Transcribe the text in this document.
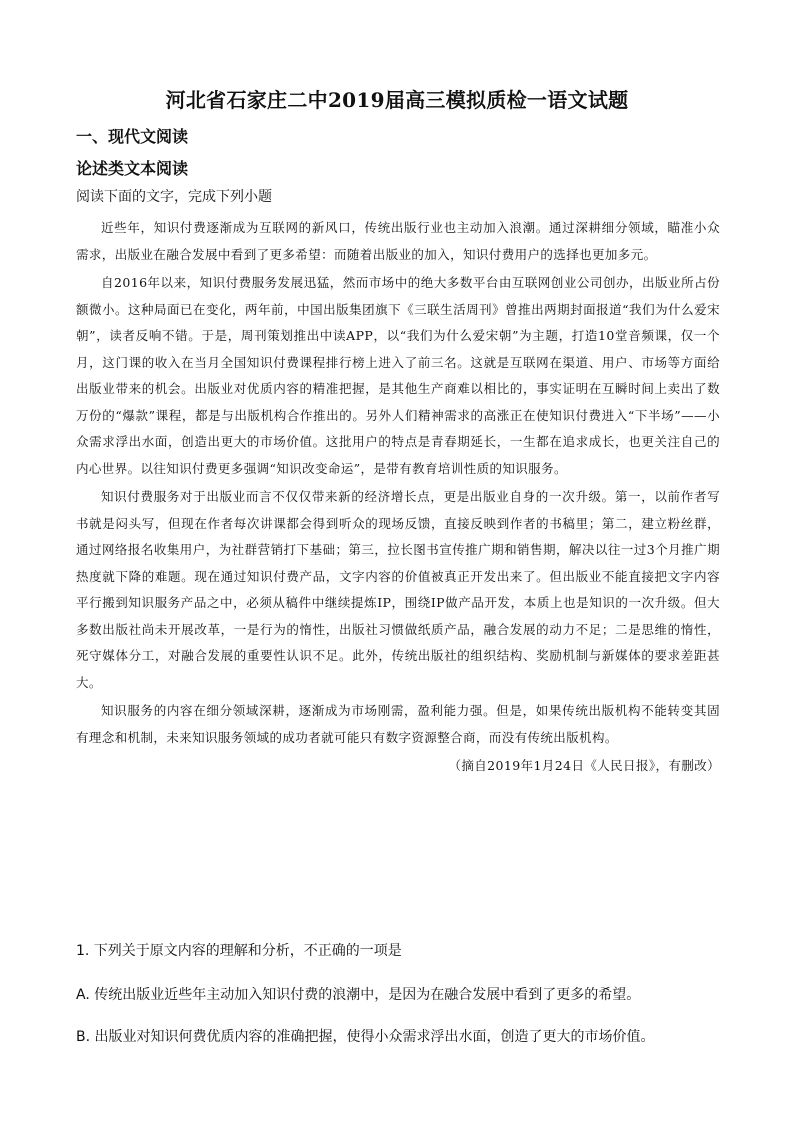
河北省石家庄二中2019届高三模拟质检一语文试题
一、现代文阅读
论述类文本阅读
阅读下面的文字，完成下列小题

近些年，知识付费逐渐成为互联网的新风口，传统出版行业也主动加入浪潮。通过深耕细分领域，瞄准小众需求，出版业在融合发展中看到了更多希望：而随着出版业的加入，知识付费用户的选择也更加多元。

自2016年以来，知识付费服务发展迅猛，然而市场中的绝大多数平台由互联网创业公司创办，出版业所占份额微小。这种局面已在变化，两年前，中国出版集团旗下《三联生活周刊》曾推出两期封面报道“我们为什么爱宋朝”，读者反响不错。于是，周刊策划推出中读APP，以“我们为什么爱宋朝”为主题，打造10堂音频课，仅一个月，这门课的收入在当月全国知识付费课程排行榜上进入了前三名。这就是互联网在渠道、用户、市场等方面给出版业带来的机会。出版业对优质内容的精准把握，是其他生产商难以相比的，事实证明在互瞬时间上卖出了数万份的“爆款”课程，都是与出版机构合作推出的。另外人们精神需求的高涨正在使知识付费进入“下半场”——小众需求浮出水面，创造出更大的市场价值。这批用户的特点是青春期延长，一生都在追求成长，也更关注自己的内心世界。以往知识付费更多强调“知识改变命运”，是带有教育培训性质的知识服务。

知识付费服务对于出版业而言不仅仅带来新的经济增长点，更是出版业自身的一次升级。第一，以前作者写书就是闷头写，但现在作者每次讲课都会得到听众的现场反馈，直接反映到作者的书稿里；第二，建立粉丝群，通过网络报名收集用户，为社群营销打下基础；第三，拉长图书宣传推广期和销售期，解决以往一过3个月推广期热度就下降的难题。现在通过知识付费产品，文字内容的价值被真正开发出来了。但出版业不能直接把文字内容平行搬到知识服务产品之中，必须从稿件中继续提炼IP，围绕IP做产品开发，本质上也是知识的一次升级。但大多数出版社尚未开展改革，一是行为的惰性，出版社习惯做纸质产品，融合发展的动力不足；二是思维的惰性，死守媒体分工，对融合发展的重要性认识不足。此外，传统出版社的组织结构、奖励机制与新媒体的要求差距甚大。

知识服务的内容在细分领域深耕，逐渐成为市场刚需，盈利能力强。但是，如果传统出版机构不能转变其固有理念和机制，未来知识服务领域的成功者就可能只有数字资源整合商，而没有传统出版机构。

（摘自2019年1月24日《人民日报》，有删改）

1. 下列关于原文内容的理解和分析，不正确的一项是
A. 传统出版业近些年主动加入知识付费的浪潮中，是因为在融合发展中看到了更多的希望。
B. 出版业对知识何费优质内容的准确把握，使得小众需求浮出水面，创造了更大的市场价值。
